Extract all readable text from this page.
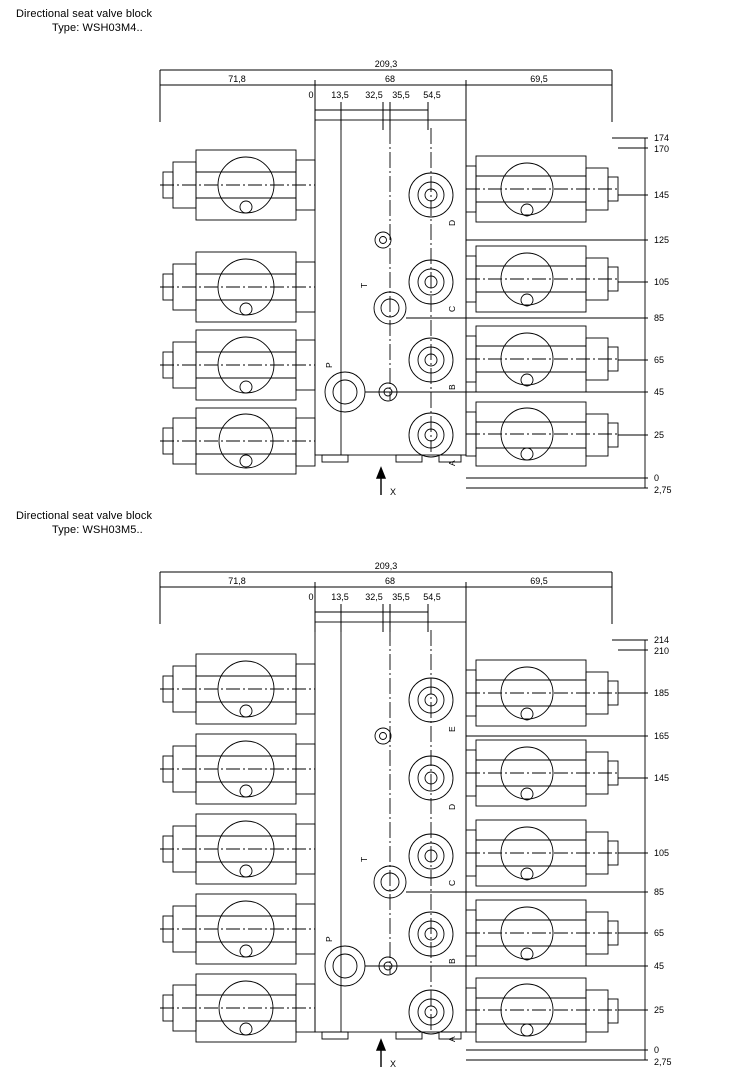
Directional seat valve block
Type: WSH03M4..
209,3
71,8	68	69,5
0 13,5 32,5 35,5 54,5
174
170
145
125
105
85
65
45
25
0
2,75
D
T
C
P
B
A
X
Directional seat valve block
Type: WSH03M5..
209,3
71,8	68	69,5
0 13,5 32,5 35,5 54,5
214
210
185
165
145
105
85
65
45
25
0
2,75
E
T
D
C
P
B
A
X
